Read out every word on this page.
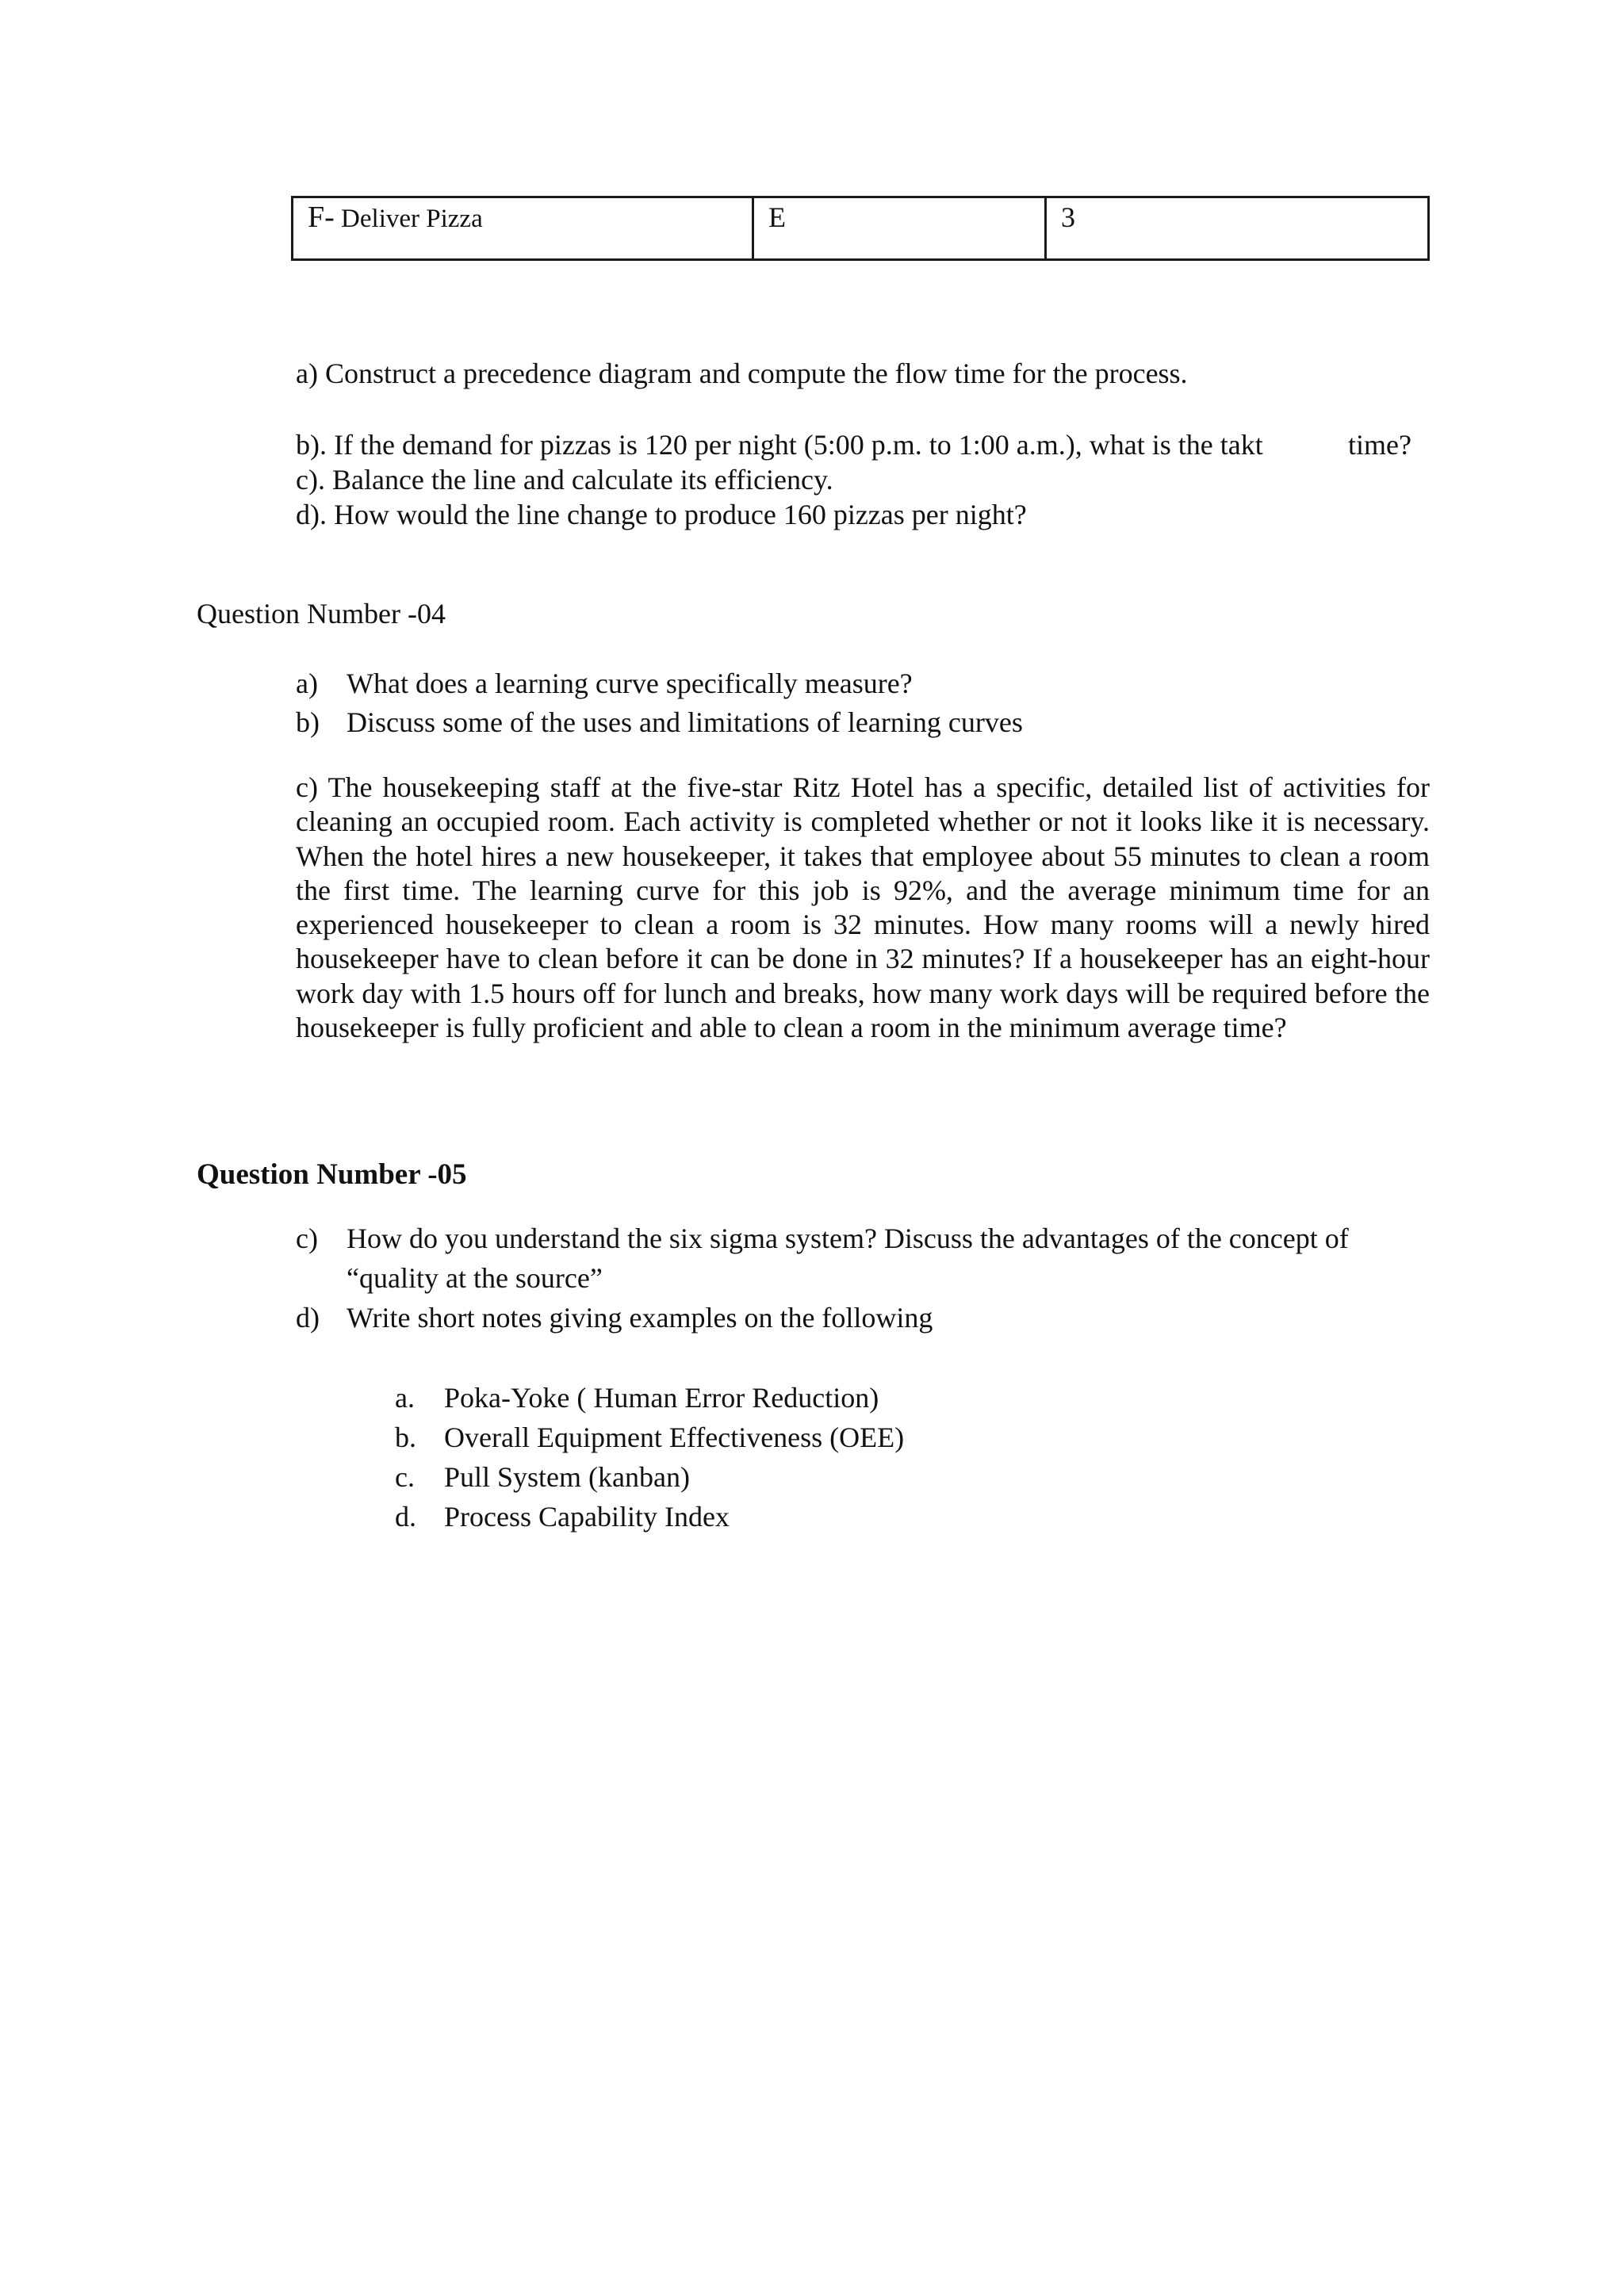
F- Deliver Pizza	E	3
a) Construct a precedence diagram and compute the flow time for the process.
b). If the demand for pizzas is 120 per night (5:00 p.m. to 1:00 a.m.), what is the takt	time?
c). Balance the line and calculate its efficiency.
d). How would the line change to produce 160 pizzas per night?
Question Number -04
a) What does a learning curve specifically measure?
b) Discuss some of the uses and limitations of learning curves
c) The housekeeping staff at the five-star Ritz Hotel has a specific, detailed list of activities for cleaning an occupied room. Each activity is completed whether or not it looks like it is necessary. When the hotel hires a new housekeeper, it takes that employee about 55 minutes to clean a room the first time. The learning curve for this job is 92%, and the average minimum time for an experienced housekeeper to clean a room is 32 minutes. How many rooms will a newly hired housekeeper have to clean before it can be done in 32 minutes? If a housekeeper has an eight-hour work day with 1.5 hours off for lunch and breaks, how many work days will be required before the housekeeper is fully proficient and able to clean a room in the minimum average time?
Question Number -05
c) How do you understand the six sigma system? Discuss the advantages of the concept of
“quality at the source”
d) Write short notes giving examples on the following
a. Poka-Yoke ( Human Error Reduction)
b. Overall Equipment Effectiveness (OEE)
c. Pull System (kanban)
d. Process Capability Index
